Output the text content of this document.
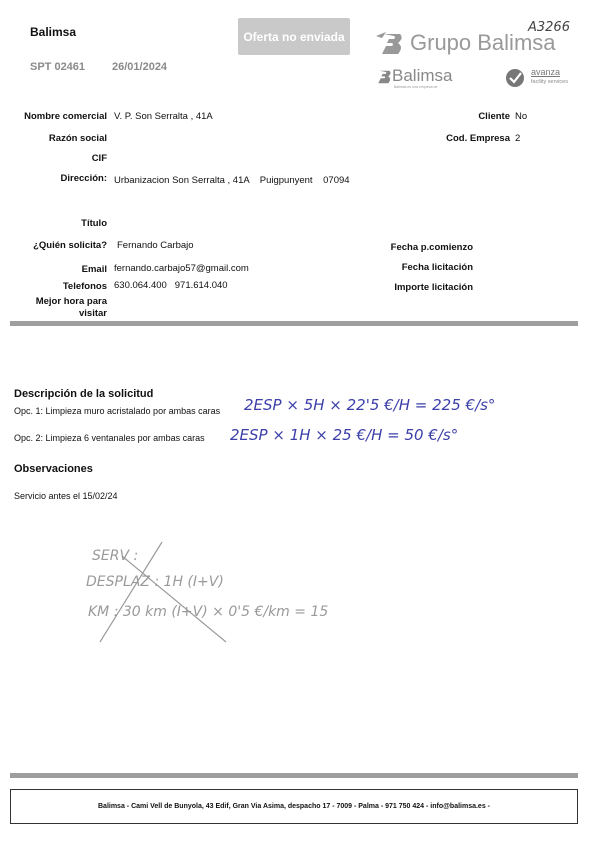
Balimsa
SPT 02461 26/01/2024
Oferta no enviada	Grupo Balimsa
A3266
Balimsa
Balimsa es una empresa de
avanza
facility services
Nombre comercial V. P. Son Serralta , 41A
Razón social
CIF
Dirección: Urbanizacion Son Serralta , 41A    Puigpunyent    07094
Cliente No
Cod. Empresa 2
Título
¿Quién solicita? Fernando Carbajo
Email fernando.carbajo57@gmail.com
Telefonos 630.064.400   971.614.040
Mejor hora para visitar
Fecha p.comienzo
Fecha licitación
Importe licitación
Descripción de la solicitud
Opc. 1: Limpieza muro acristalado por ambas caras 2ESP × 5H × 22'5 €/H = 225 €/s°
Opc. 2: Limpieza 6 ventanales por ambas caras 2ESP × 1H × 25 €/H = 50 €/s°
Observaciones
Servicio antes el 15/02/24
SERV :
DESPLAZ : 1H (I+V)
KM : 30 km (I+V) × 0'5 €/km = 15
Balimsa - Cami Vell de Bunyola, 43 Edif, Gran Via Asima, despacho 17 - 7009 - Palma - 971 750 424 - info@balimsa.es -
